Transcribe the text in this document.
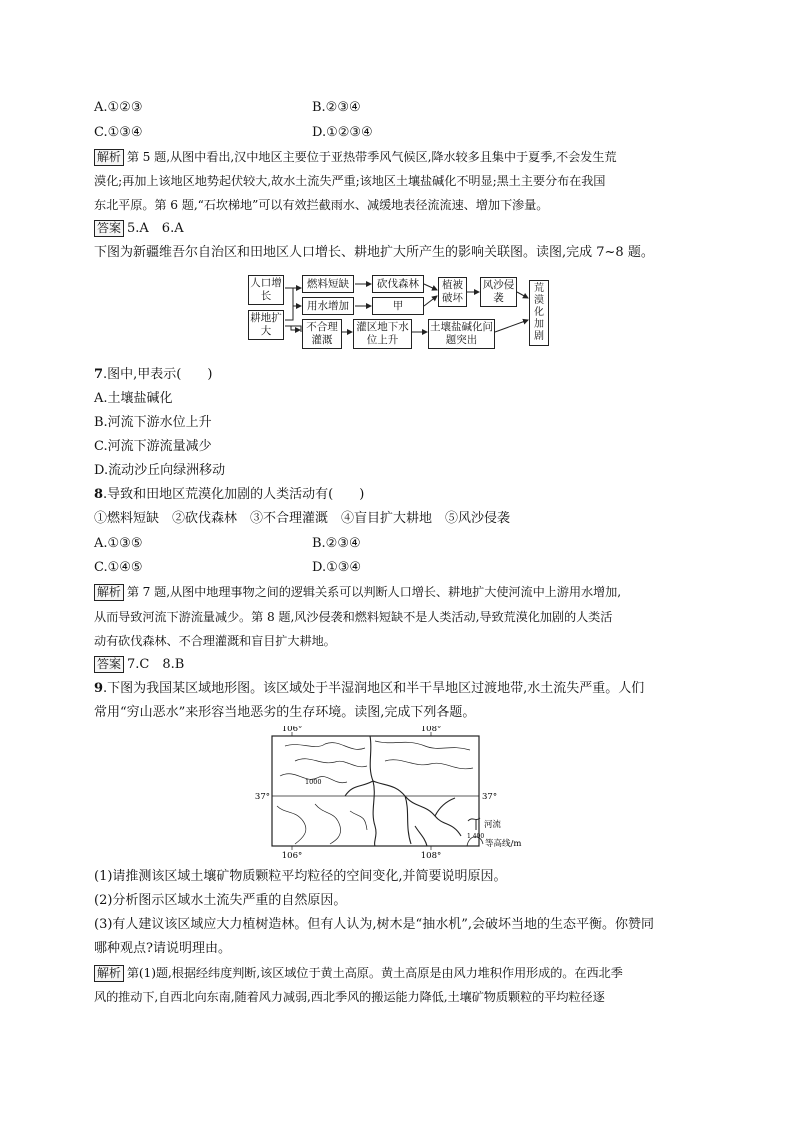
A.①②③	B.②③④
C.①③④	D.①②③④
解析 第 5 题,从图中看出,汉中地区主要位于亚热带季风气候区,降水较多且集中于夏季,不会发生荒
漠化;再加上该地区地势起伏较大,故水土流失严重;该地区土壤盐碱化不明显;黑土主要分布在我国
东北平原。第 6 题,“石坎梯地”可以有效拦截雨水、减缓地表径流流速、增加下渗量。
答案 5.A　6.A
下图为新疆维吾尔自治区和田地区人口增长、耕地扩大所产生的影响关联图。读图,完成 7~8 题。
人口增长
耕地扩大
燃料短缺	砍伐森林
用水增加	甲
植被破坏
风沙侵袭
荒漠化加剧
不合理灌溉
灌区地下水位上升
土壤盐碱化问题突出
7.图中,甲表示(　　)
A.土壤盐碱化
B.河流下游水位上升
C.河流下游流量减少
D.流动沙丘向绿洲移动
8.导致和田地区荒漠化加剧的人类活动有(　　)
①燃料短缺　②砍伐森林　③不合理灌溉　④盲目扩大耕地　⑤风沙侵袭
A.①③⑤	B.②③④
C.①④⑤	D.①③④
解析 第 7 题,从图中地理事物之间的逻辑关系可以判断人口增长、耕地扩大使河流中上游用水增加,
从而导致河流下游流量减少。第 8 题,风沙侵袭和燃料短缺不是人类活动,导致荒漠化加剧的人类活
动有砍伐森林、不合理灌溉和盲目扩大耕地。
答案 7.C　8.B
9.下图为我国某区域地形图。该区域处于半湿润地区和半干旱地区过渡地带,水土流失严重。人们
常用“穷山恶水”来形容当地恶劣的生存环境。读图,完成下列各题。
106°	108°
106°	108°
37°	37°
1000
河流
1 400
等高线/m
(1)请推测该区域土壤矿物质颗粒平均粒径的空间变化,并简要说明原因。
(2)分析图示区域水土流失严重的自然原因。
(3)有人建议该区域应大力植树造林。但有人认为,树木是“抽水机”,会破坏当地的生态平衡。你赞同
哪种观点?请说明理由。
解析 第(1)题,根据经纬度判断,该区域位于黄土高原。黄土高原是由风力堆积作用形成的。在西北季
风的推动下,自西北向东南,随着风力减弱,西北季风的搬运能力降低,土壤矿物质颗粒的平均粒径逐
